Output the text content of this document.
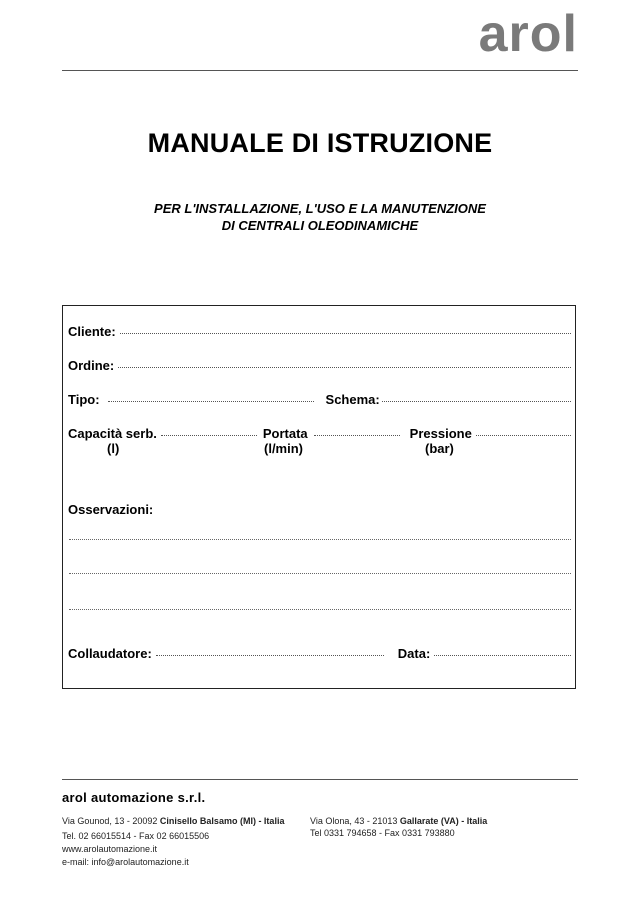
arol
MANUALE DI ISTRUZIONE
PER L'INSTALLAZIONE, L'USO E LA MANUTENZIONE
DI CENTRALI OLEODINAMICHE
Cliente:
Ordine:
Tipo:	Schema:
Capacità serb.	Portata	Pressione
(l)	(l/min)	(bar)
Osservazioni:
Collaudatore:	Data:
arol automazione s.r.l.
Via Gounod, 13 - 20092 Cinisello Balsamo (MI) - Italia
Tel. 02 66015514 - Fax 02 66015506
www.arolautomazione.it
e-mail: info@arolautomazione.it
Via Olona, 43 - 21013 Gallarate (VA) - Italia
Tel 0331 794658 - Fax 0331 793880
